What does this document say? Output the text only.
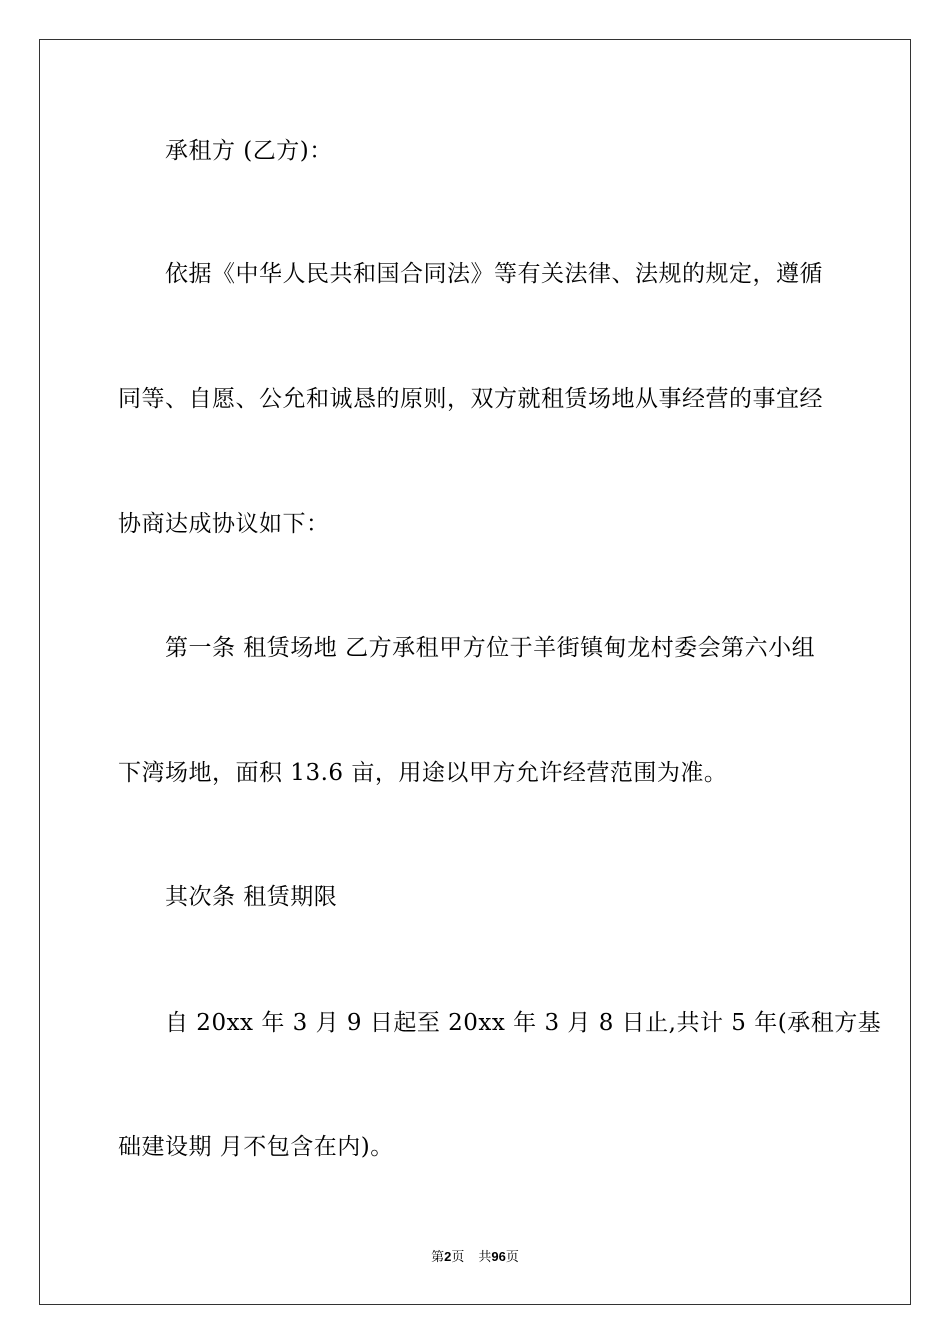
承租方 (乙方)：
依据《中华人民共和国合同法》等有关法律、法规的规定，遵循
同等、自愿、公允和诚恳的原则，双方就租赁场地从事经营的事宜经
协商达成协议如下：
第一条 租赁场地 乙方承租甲方位于羊街镇甸龙村委会第六小组
下湾场地，面积 13.6 亩，用途以甲方允许经营范围为准。
其次条 租赁期限
自 20xx 年 3 月 9 日起至 20xx 年 3 月 8 日止,共计 5 年(承租方基
础建设期 月不包含在内)。
第2页 共96页
